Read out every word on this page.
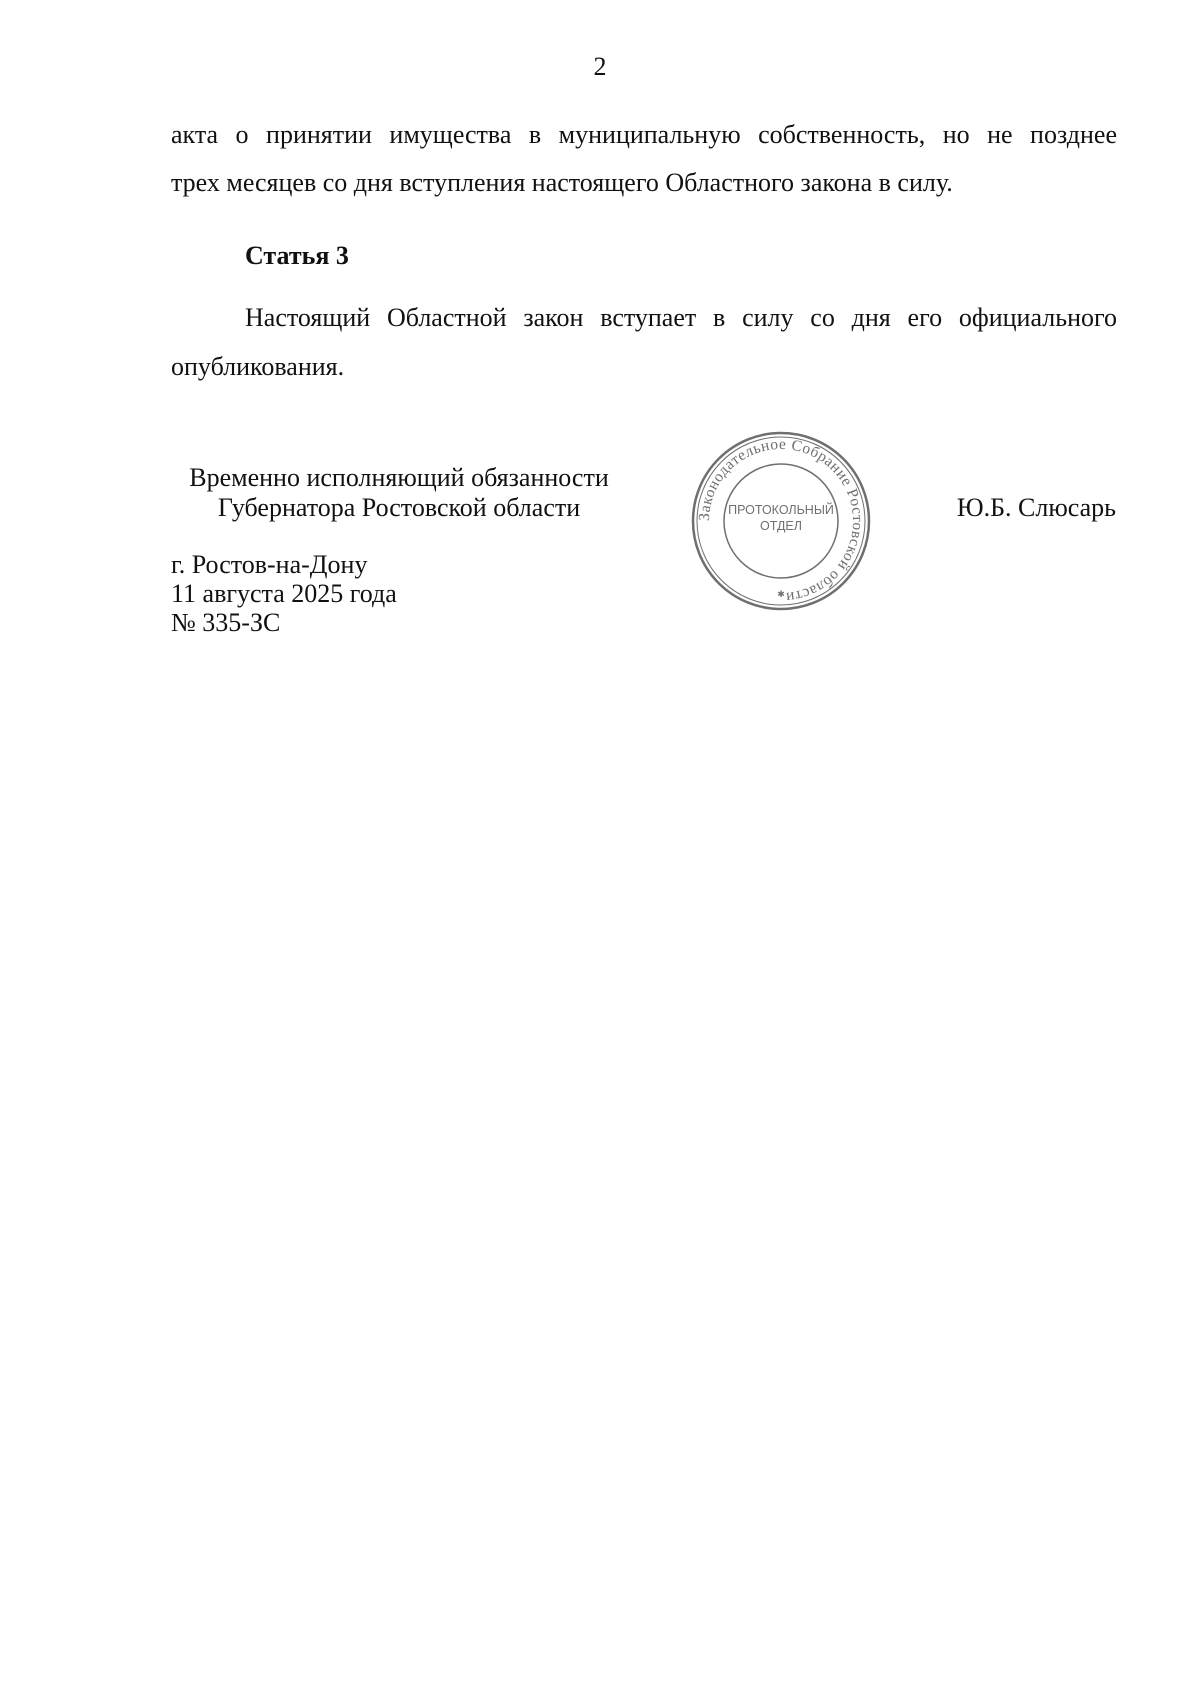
2
акта о принятии имущества в муниципальную собственность, но не позднее
трех месяцев со дня вступления настоящего Областного закона в силу.
Статья 3
Настоящий Областной закон вступает в силу со дня его официального
опубликования.
Временно исполняющий обязанности
Губернатора Ростовской области	Законодательное Собрание Ростовской области
ПРОТОКОЛЬНЫЙ
ОТДЕЛ
✱
Ю.Б. Слюсарь
г. Ростов-на-Дону
11 августа 2025 года
№ 335-ЗС
